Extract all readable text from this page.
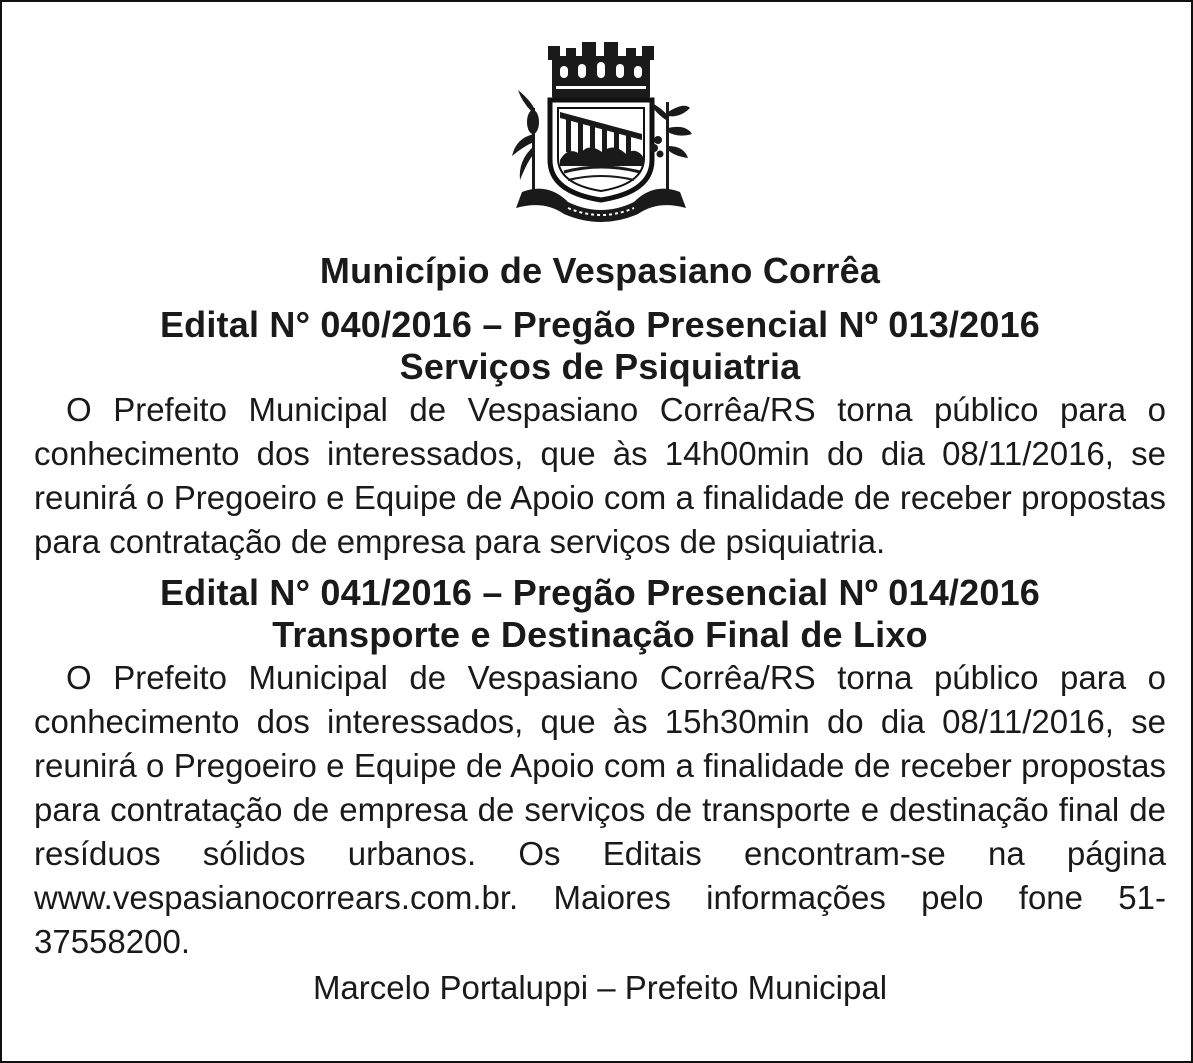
Município de Vespasiano Corrêa
Edital N° 040/2016 – Pregão Presencial Nº 013/2016
Serviços de Psiquiatria

O Prefeito Municipal de Vespasiano Corrêa/RS torna público para o conhecimento dos interessados, que às 14h00min do dia 08/11/2016, se reunirá o Pregoeiro e Equipe de Apoio com a finalidade de receber propostas para contratação de empresa para serviços de psiquiatria.

Edital N° 041/2016 – Pregão Presencial Nº 014/2016
Transporte e Destinação Final de Lixo

O Prefeito Municipal de Vespasiano Corrêa/RS torna público para o conhecimento dos interessados, que às 15h30min do dia 08/11/2016, se reunirá o Pregoeiro e Equipe de Apoio com a finalidade de receber propostas para contratação de empresa de serviços de transporte e destinação final de resíduos sólidos urbanos. Os Editais encontram-se na página www.vespasianocorrears.com.br. Maiores informações pelo fone 51-37558200.

Marcelo Portaluppi – Prefeito Municipal
